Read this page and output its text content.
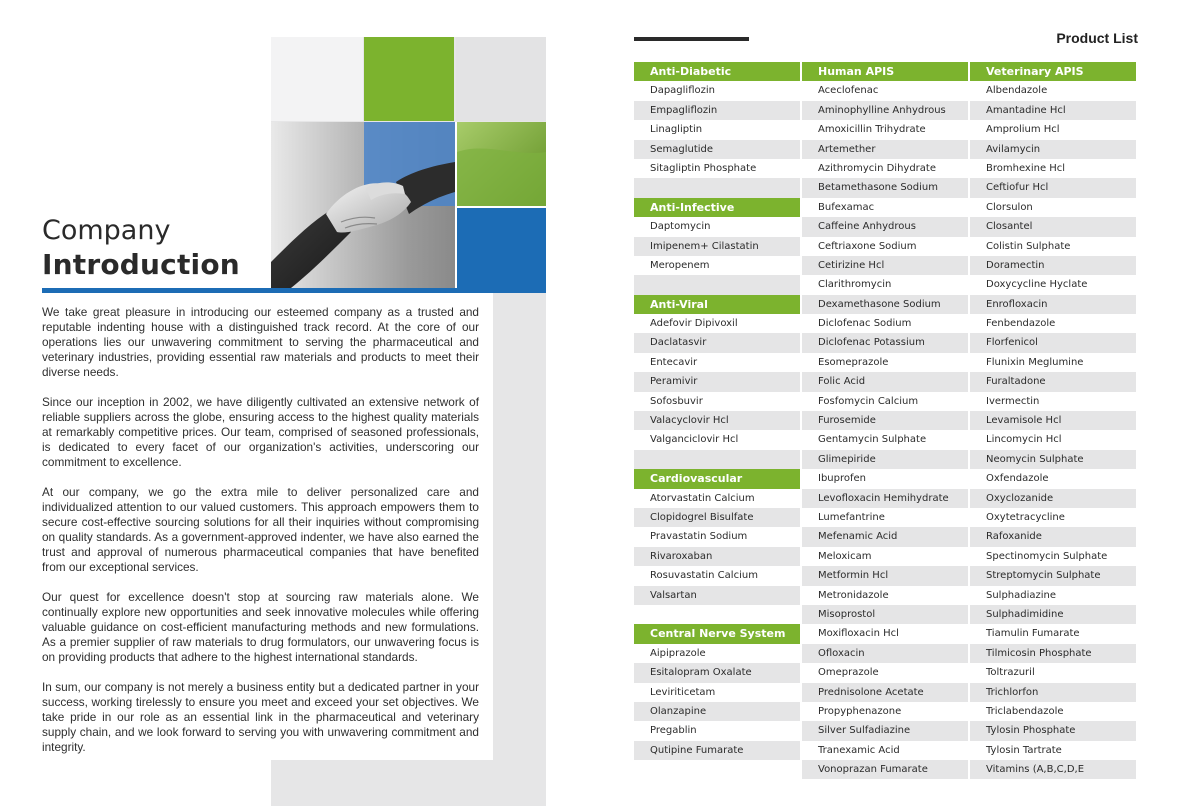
Company
Introduction

We take great pleasure in introducing our esteemed company as a trusted and reputable indenting house with a distinguished track record. At the core of our operations lies our unwavering commitment to serving the pharmaceutical and veterinary industries, providing essential raw materials and products to meet their diverse needs.

Since our inception in 2002, we have diligently cultivated an extensive network of reliable suppliers across the globe, ensuring access to the highest quality materials at remarkably competitive prices. Our team, comprised of seasoned professionals, is dedicated to every facet of our organization's activities, underscoring our commitment to excellence.

At our company, we go the extra mile to deliver personalized care and individualized attention to our valued customers. This approach empowers them to secure cost-effective sourcing solutions for all their inquiries without compromising on quality standards. As a government-approved indenter, we have also earned the trust and approval of numerous pharmaceutical companies that have benefited from our exceptional services.

Our quest for excellence doesn't stop at sourcing raw materials alone. We continually explore new opportunities and seek innovative molecules while offering valuable guidance on cost-efficient manufacturing methods and new formulations. As a premier supplier of raw materials to drug formulators, our unwavering focus is on providing products that adhere to the highest international standards.

In sum, our company is not merely a business entity but a dedicated partner in your success, working tirelessly to ensure you meet and exceed your set objectives. We take pride in our role as an essential link in the pharmaceutical and veterinary supply chain, and we look forward to serving you with unwavering commitment and integrity.

Product List
Anti-Diabetic
Dapagliflozin
Empagliflozin
Linagliptin
Semaglutide
Sitagliptin Phosphate
Anti-Infective
Daptomycin
Imipenem+ Cilastatin
Meropenem
Anti-Viral
Adefovir Dipivoxil
Daclatasvir
Entecavir
Peramivir
Sofosbuvir
Valacyclovir Hcl
Valganciclovir Hcl
Cardiovascular
Atorvastatin Calcium
Clopidogrel Bisulfate
Pravastatin Sodium
Rivaroxaban
Rosuvastatin Calcium
Valsartan
Central Nerve System
Aipiprazole
Esitalopram Oxalate
Leviriticetam
Olanzapine
Pregablin
Qutipine Fumarate
Human APIS
Aceclofenac
Aminophylline Anhydrous
Amoxicillin Trihydrate
Artemether
Azithromycin Dihydrate
Betamethasone Sodium
Bufexamac
Caffeine Anhydrous
Ceftriaxone Sodium
Cetirizine Hcl
Clarithromycin
Dexamethasone Sodium
Diclofenac Sodium
Diclofenac Potassium
Esomeprazole
Folic Acid
Fosfomycin Calcium
Furosemide
Gentamycin Sulphate
Glimepiride
Ibuprofen
Levofloxacin Hemihydrate
Lumefantrine
Mefenamic Acid
Meloxicam
Metformin Hcl
Metronidazole
Misoprostol
Moxifloxacin Hcl
Ofloxacin
Omeprazole
Prednisolone Acetate
Propyphenazone
Silver Sulfadiazine
Tranexamic Acid
Vonoprazan Fumarate
Veterinary APIS
Albendazole
Amantadine Hcl
Amprolium Hcl
Avilamycin
Bromhexine Hcl
Ceftiofur Hcl
Clorsulon
Closantel
Colistin Sulphate
Doramectin
Doxycycline Hyclate
Enrofloxacin
Fenbendazole
Florfenicol
Flunixin Meglumine
Furaltadone
Ivermectin
Levamisole Hcl
Lincomycin Hcl
Neomycin Sulphate
Oxfendazole
Oxyclozanide
Oxytetracycline
Rafoxanide
Spectinomycin Sulphate
Streptomycin Sulphate
Sulphadiazine
Sulphadimidine
Tiamulin Fumarate
Tilmicosin Phosphate
Toltrazuril
Trichlorfon
Triclabendazole
Tylosin Phosphate
Tylosin Tartrate
Vitamins (A,B,C,D,E
